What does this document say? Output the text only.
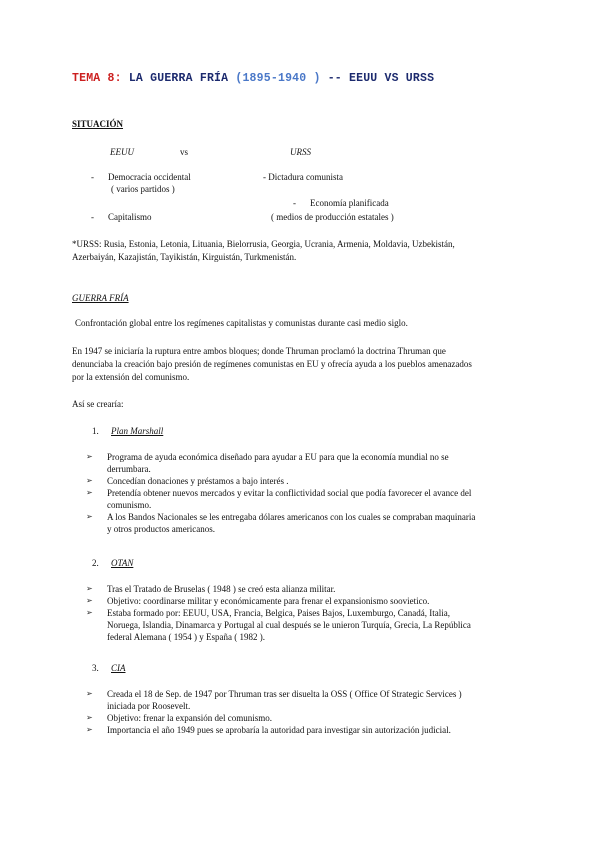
TEMA 8: LA GUERRA FRÍA (1895-1940 ) -- EEUU VS URSS
SITUACIÓN
EEUU	vs	URSS
- Democracia occidental	- Dictadura comunista
( varios partidos )
- Economía planificada
- Capitalismo	( medios de producción estatales )
*URSS: Rusia, Estonia, Letonia, Lituania, Bielorrusia, Georgia, Ucrania, Armenia, Moldavia, Uzbekistán,
Azerbaiyán, Kazajistán, Tayikistán, Kirguistán, Turkmenistán.
GUERRA FRÍA
Confrontación global entre los regímenes capitalistas y comunistas durante casi medio siglo.
En 1947 se iniciaría la ruptura entre ambos bloques; donde Thruman proclamó la doctrina Thruman que
denunciaba la creación bajo presión de regímenes comunistas en EU y ofrecía ayuda a los pueblos amenazados
por la extensión del comunismo.
Así se crearía:
1. Plan Marshall
➢ Programa de ayuda económica diseñado para ayudar a EU para que la economía mundial no se
derrumbara.
➢ Concedían donaciones y préstamos a bajo interés .
➢ Pretendía obtener nuevos mercados y evitar la conflictividad social que podía favorecer el avance del
comunismo.
➢ A los Bandos Nacionales se les entregaba dólares americanos con los cuales se compraban maquinaria
y otros productos americanos.
2. OTAN
➢ Tras el Tratado de Bruselas ( 1948 ) se creó esta alianza militar.
➢ Objetivo: coordinarse militar y económicamente para frenar el expansionismo soovietico.
➢ Estaba formado por: EEUU, USA, Francia, Belgica, Paises Bajos, Luxemburgo, Canadá, Italia,
Noruega, Islandia, Dinamarca y Portugal al cual después se le unieron Turquía, Grecia, La República
federal Alemana ( 1954 ) y España ( 1982 ).
3. CIA
➢ Creada el 18 de Sep. de 1947 por Thruman tras ser disuelta la OSS ( Office Of Strategic Services )
iniciada por Roosevelt.
➢ Objetivo: frenar la expansión del comunismo.
➢ Importancia el año 1949 pues se aprobaría la autoridad para investigar sin autorización judicial.
